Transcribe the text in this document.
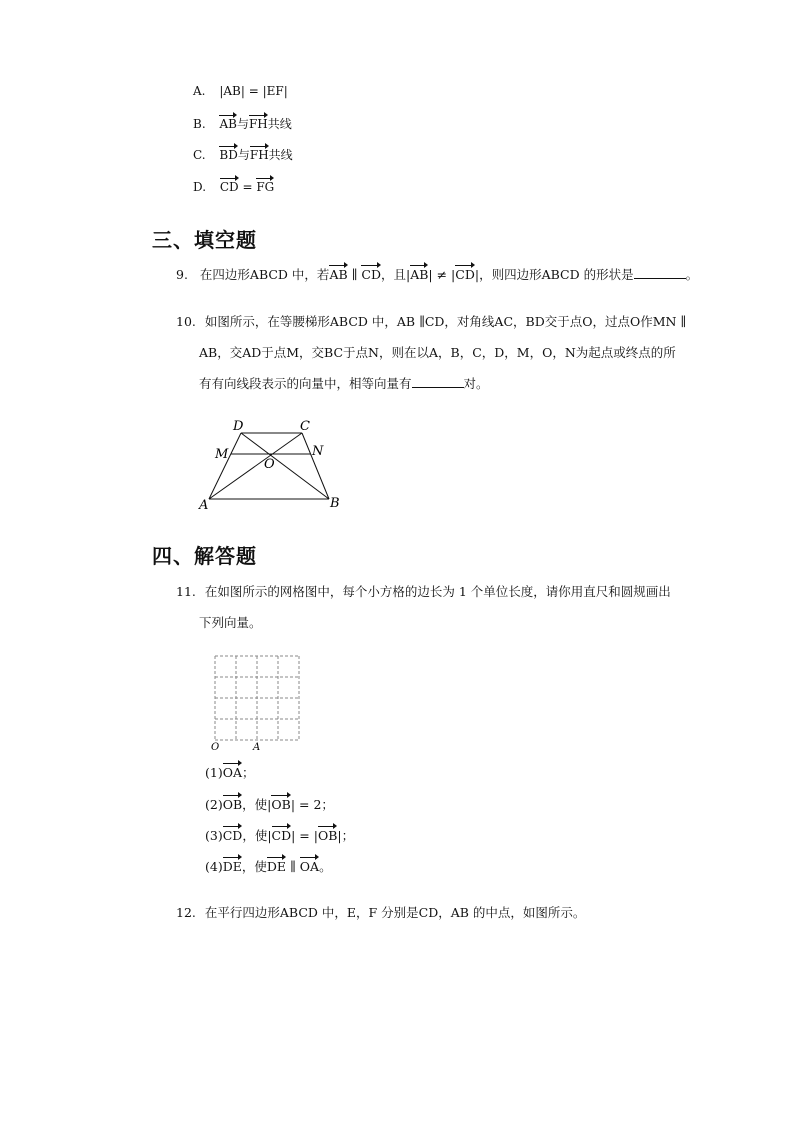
A. |AB| = |EF|
B. AB与FH共线
C. BD与FH共线
D. CD = FG
三、填空题
9. 在四边形ABCD 中，若AB ∥ CD，且|AB| ≠ |CD|，则四边形ABCD 的形状是	。
10. 如图所示，在等腰梯形ABCD 中，AB ∥CD，对角线AC，BD交于点O，过点O作MN ∥
AB，交AD于点M，交BC于点N，则在以A，B，C，D，M，O，N为起点或终点的所
有有向线段表示的向量中，相等向量有	对。
D	C
M	N
O
A	B
四、解答题
11. 在如图所示的网格图中，每个小方格的边长为 1 个单位长度，请你用直尺和圆规画出
下列向量。
O	A
(1)OA；
(2)OB，使|OB| = 2；
(3)CD，使|CD| = |OB|；
(4)DE，使DE ∥ OA。
12. 在平行四边形ABCD 中，E，F 分别是CD，AB 的中点，如图所示。
